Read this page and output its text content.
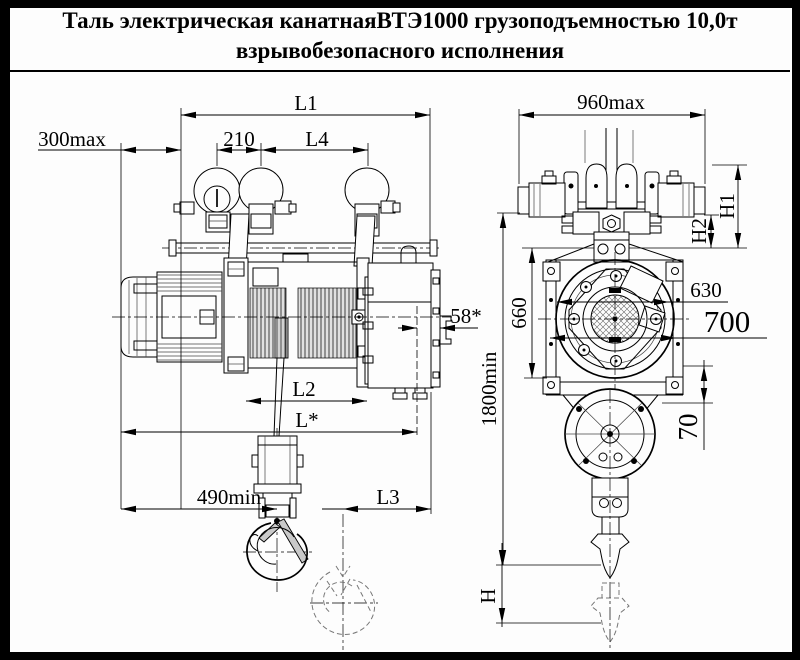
Таль электрическая канатнаяВТЭ1000 грузоподъемностью 10,0т
взрывобезопасного исполнения
L1
300max	210 L4
L2
L*
490min	L3
58*
960max
H1
H2
660
1800min
630
700
70
H
